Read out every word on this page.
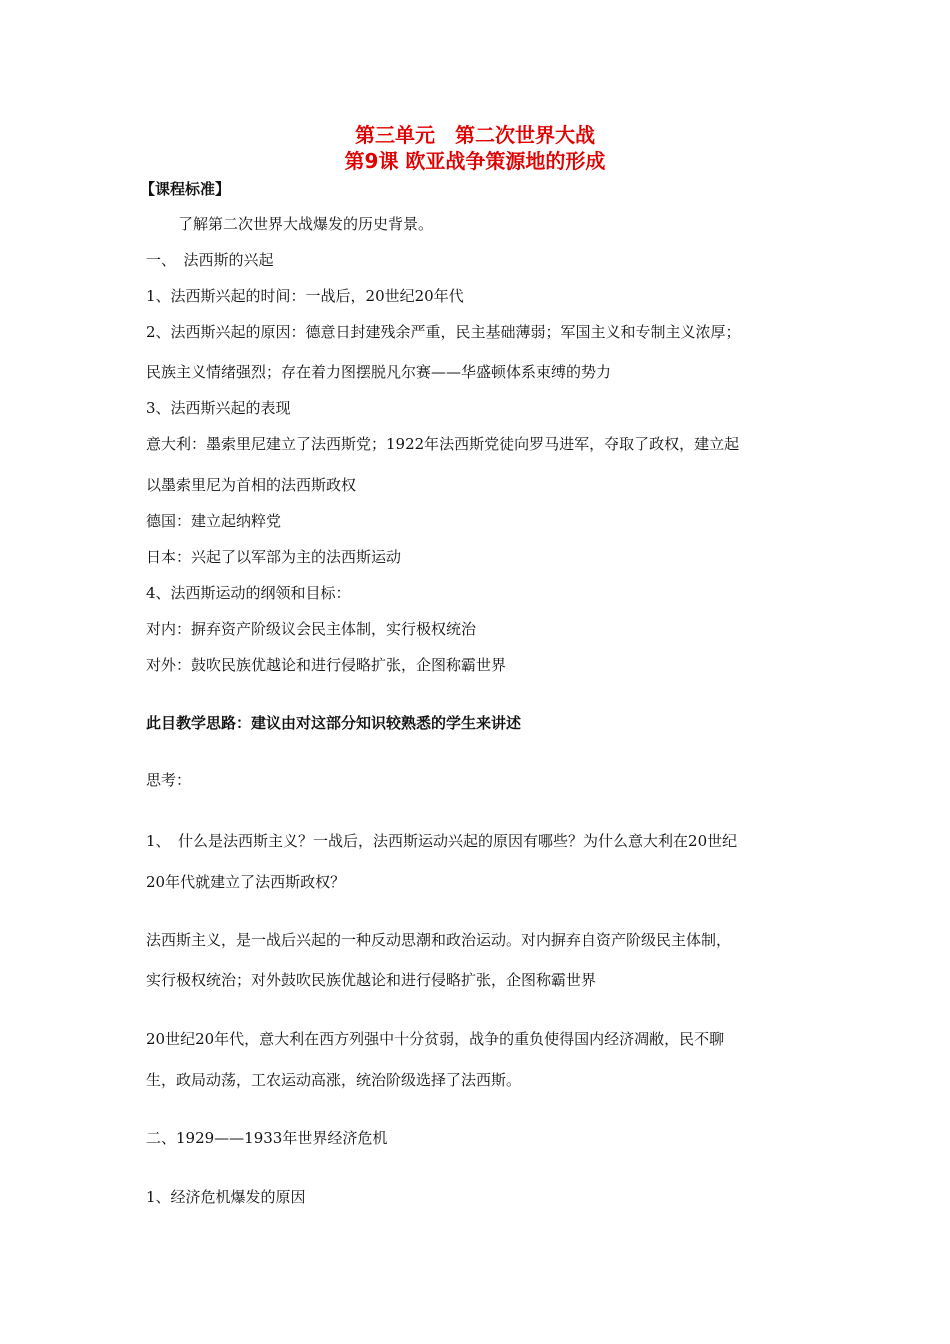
第三单元　第二次世界大战
第9课 欧亚战争策源地的形成
【课程标准】
了解第二次世界大战爆发的历史背景。
一、　法西斯的兴起
1、法西斯兴起的时间：一战后，20世纪20年代
2、法西斯兴起的原因：德意日封建残余严重，民主基础薄弱；军国主义和专制主义浓厚；
民族主义情绪强烈；存在着力图摆脱凡尔赛——华盛顿体系束缚的势力
3、法西斯兴起的表现
意大利：墨索里尼建立了法西斯党；1922年法西斯党徒向罗马进军，夺取了政权，建立起
以墨索里尼为首相的法西斯政权
德国：建立起纳粹党
日本：兴起了以军部为主的法西斯运动
4、法西斯运动的纲领和目标：
对内：摒弃资产阶级议会民主体制，实行极权统治
对外：鼓吹民族优越论和进行侵略扩张，企图称霸世界
此目教学思路：建议由对这部分知识较熟悉的学生来讲述
思考：
1、　什么是法西斯主义？一战后，法西斯运动兴起的原因有哪些？为什么意大利在20世纪
20年代就建立了法西斯政权？
法西斯主义，是一战后兴起的一种反动思潮和政治运动。对内摒弃自资产阶级民主体制，
实行极权统治；对外鼓吹民族优越论和进行侵略扩张，企图称霸世界
20世纪20年代，意大利在西方列强中十分贫弱，战争的重负使得国内经济凋敝，民不聊
生，政局动荡，工农运动高涨，统治阶级选择了法西斯。
二、1929——1933年世界经济危机
1、经济危机爆发的原因
